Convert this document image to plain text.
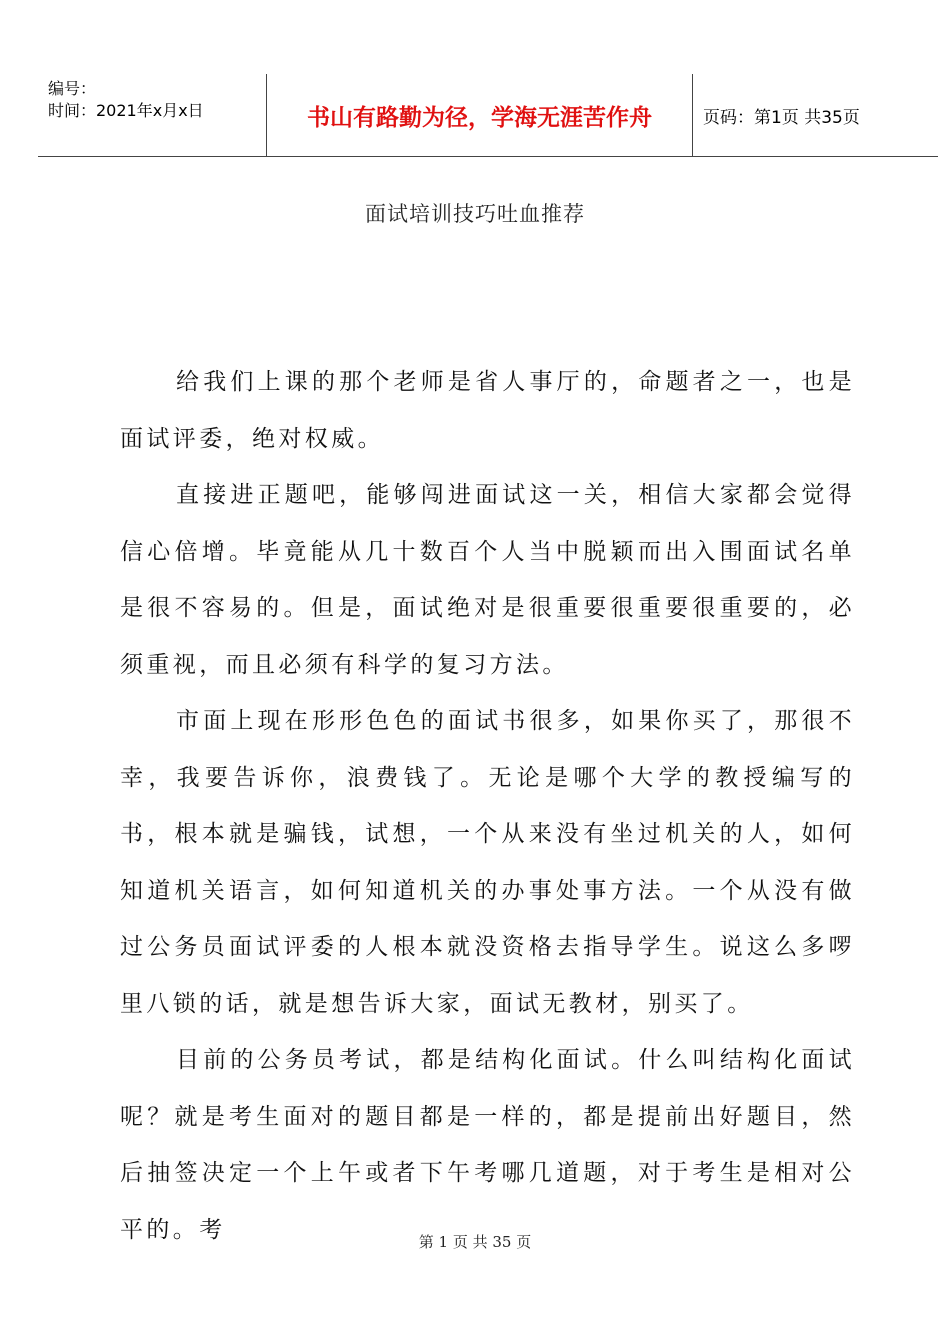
编号：
时间：2021年x月x日	书山有路勤为径，学海无涯苦作舟	页码：第1页 共35页
面试培训技巧吐血推荐

给我们上课的那个老师是省人事厅的，命题者之一，也是面试评委，绝对权威。

直接进正题吧，能够闯进面试这一关，相信大家都会觉得信心倍增。毕竟能从几十数百个人当中脱颖而出入围面试名单是很不容易的。但是，面试绝对是很重要很重要很重要的，必须重视，而且必须有科学的复习方法。

市面上现在形形色色的面试书很多，如果你买了，那很不幸，我要告诉你，浪费钱了。无论是哪个大学的教授编写的书，根本就是骗钱，试想，一个从来没有坐过机关的人，如何知道机关语言，如何知道机关的办事处事方法。一个从没有做过公务员面试评委的人根本就没资格去指导学生。说这么多啰里八锁的话，就是想告诉大家，面试无教材，别买了。

目前的公务员考试，都是结构化面试。什么叫结构化面试呢？就是考生面对的题目都是一样的，都是提前出好题目，然后抽签决定一个上午或者下午考哪几道题，对于考生是相对公平的。考	第 1 页 共 35 页
